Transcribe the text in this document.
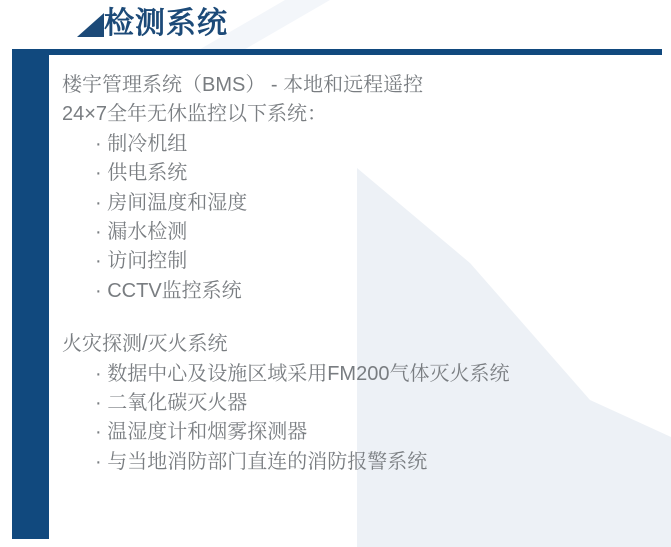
检测系统
楼宇管理系统（BMS） - 本地和远程遥控
24×7全年无休监控以下系统：
· 制冷机组
· 供电系统
· 房间温度和湿度
· 漏水检测
· 访问控制
· CCTV监控系统
火灾探测/灭火系统
· 数据中心及设施区域采用FM200气体灭火系统
· 二氧化碳灭火器
· 温湿度计和烟雾探测器
· 与当地消防部门直连的消防报警系统
